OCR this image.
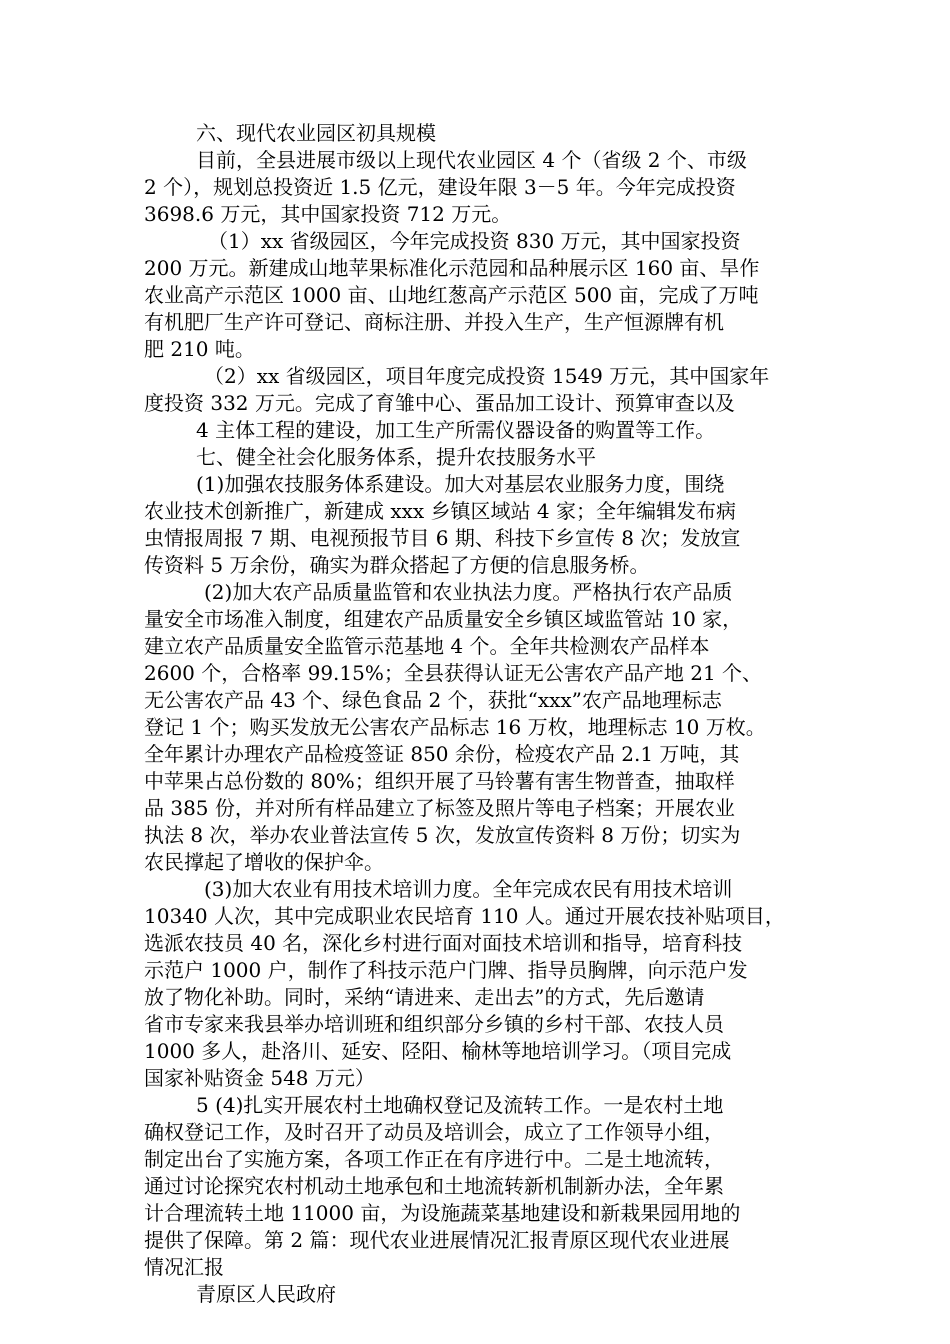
六、现代农业园区初具规模
目前，全县进展市级以上现代农业园区 4 个（省级 2 个、市级
2 个），规划总投资近 1.5 亿元，建设年限 3－5 年。今年完成投资
3698.6 万元，其中国家投资 712 万元。
（1）xx 省级园区，今年完成投资 830 万元，其中国家投资
200 万元。新建成山地苹果标准化示范园和品种展示区 160 亩、旱作
农业高产示范区 1000 亩、山地红葱高产示范区 500 亩，完成了万吨
有机肥厂生产许可登记、商标注册、并投入生产，生产恒源牌有机
肥 210 吨。
（2）xx 省级园区，项目年度完成投资 1549 万元，其中国家年
度投资 332 万元。完成了育雏中心、蛋品加工设计、预算审查以及
4 主体工程的建设，加工生产所需仪器设备的购置等工作。
七、健全社会化服务体系，提升农技服务水平
(1)加强农技服务体系建设。加大对基层农业服务力度，围绕
农业技术创新推广，新建成 xxx 乡镇区域站 4 家；全年编辑发布病
虫情报周报 7 期、电视预报节目 6 期、科技下乡宣传 8 次；发放宣
传资料 5 万余份，确实为群众搭起了方便的信息服务桥。
(2)加大农产品质量监管和农业执法力度。严格执行农产品质
量安全市场准入制度，组建农产品质量安全乡镇区域监管站 10 家，
建立农产品质量安全监管示范基地 4 个。全年共检测农产品样本
2600 个，合格率 99.15%；全县获得认证无公害农产品产地 21 个、
无公害农产品 43 个、绿色食品 2 个，获批“xxx”农产品地理标志
登记 1 个；购买发放无公害农产品标志 16 万枚，地理标志 10 万枚。
全年累计办理农产品检疫签证 850 余份，检疫农产品 2.1 万吨，其
中苹果占总份数的 80%；组织开展了马铃薯有害生物普查，抽取样
品 385 份，并对所有样品建立了标签及照片等电子档案；开展农业
执法 8 次，举办农业普法宣传 5 次，发放宣传资料 8 万份；切实为
农民撑起了增收的保护伞。
(3)加大农业有用技术培训力度。全年完成农民有用技术培训
10340 人次，其中完成职业农民培育 110 人。通过开展农技补贴项目，
选派农技员 40 名，深化乡村进行面对面技术培训和指导，培育科技
示范户 1000 户，制作了科技示范户门牌、指导员胸牌，向示范户发
放了物化补助。同时，采纳“请进来、走出去”的方式，先后邀请
省市专家来我县举办培训班和组织部分乡镇的乡村干部、农技人员
1000 多人，赴洛川、延安、陉阳、榆林等地培训学习。（项目完成
国家补贴资金 548 万元）
5 (4)扎实开展农村土地确权登记及流转工作。一是农村土地
确权登记工作，及时召开了动员及培训会，成立了工作领导小组，
制定出台了实施方案，各项工作正在有序进行中。二是土地流转，
通过讨论探究农村机动土地承包和土地流转新机制新办法，全年累
计合理流转土地 11000 亩，为设施蔬菜基地建设和新栽果园用地的
提供了保障。第 2 篇：现代农业进展情况汇报青原区现代农业进展
情况汇报
青原区人民政府
